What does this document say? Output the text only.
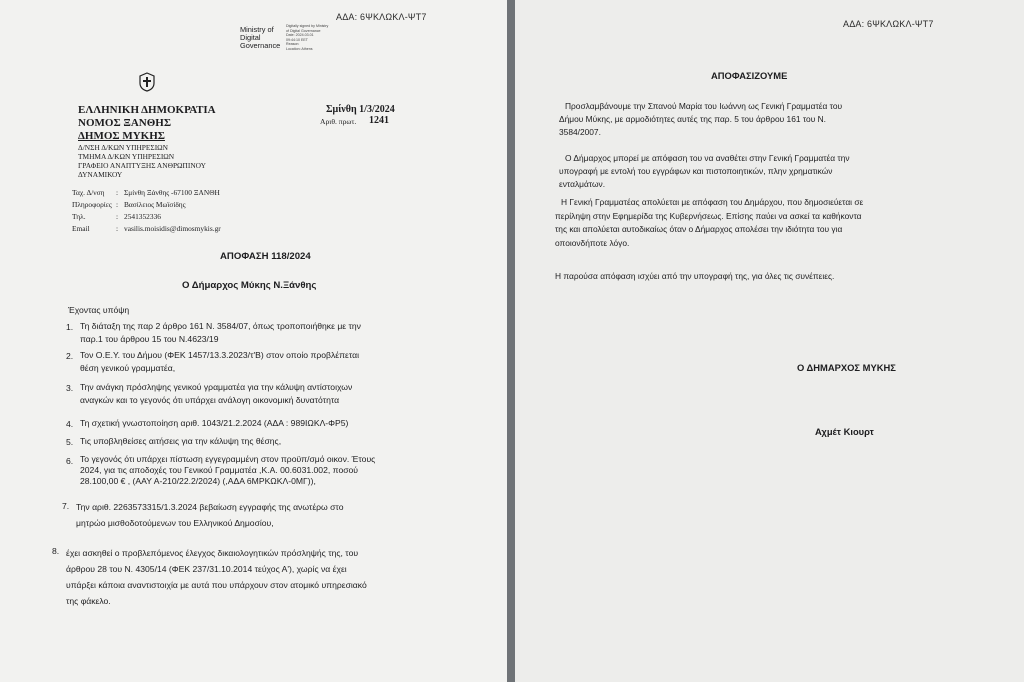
ΑΔΑ: 6ΨΚΛΩΚΛ-ΨΤ7
Ministry of
Digital
Governance
Digitally signed by Ministry
of Digital Governance
Date: 2024.03.01
09:44:10 EET
Reason:
Location: Athens
ΕΛΛΗΝΙΚΗ ΔΗΜΟΚΡΑΤΙΑ
ΝΟΜΟΣ ΞΑΝΘΗΣ
ΔΗΜΟΣ ΜΥΚΗΣ
Δ/ΝΣΗ Δ/ΚΩΝ ΥΠΗΡΕΣΙΩΝ
ΤΜΗΜΑ Δ/ΚΩΝ ΥΠΗΡΕΣΙΩΝ
ΓΡΑΦΕΙΟ ΑΝΑΠΤΥΞΗΣ ΑΝΘΡΩΠΙΝΟΥ
ΔΥΝΑΜΙΚΟΥ
Σμίνθη 1/3/2024
Αριθ. πρωτ. 1241
Ταχ. Δ/νση : Σμίνθη Ξάνθης -67100 ΞΑΝΘΗ
Πληροφορίες : Βασίλειος Μωϊσίδης
Τηλ.	: 2541352336
Email	: vasilis.moisidis@dimosmykis.gr
ΑΠΟΦΑΣΗ 118/2024
Ο Δήμαρχος Μύκης Ν.Ξάνθης
Έχοντας υπόψη
1. Τη διάταξη της παρ 2 άρθρο 161 Ν. 3584/07, όπως τροποποιήθηκε με την
παρ.1 του άρθρου 15 του Ν.4623/19
2. Τον Ο.Ε.Υ. του Δήμου (ΦΕΚ 1457/13.3.2023/τ'Β) στον οποίο προβλέπεται
θέση γενικού γραμματέα,
3. Την ανάγκη πρόσληψης γενικού γραμματέα για την κάλυψη αντίστοιχων
αναγκών και το γεγονός ότι υπάρχει ανάλογη οικονομική δυνατότητα
4. Τη σχετική γνωστοποίηση αριθ. 1043/21.2.2024 (ΑΔΑ : 989ΙΩΚΛ-ΦΡ5)
5. Τις υποβληθείσες αιτήσεις για την κάλυψη της θέσης,
6. Το γεγονός ότι υπάρχει πίστωση εγγεγραμμένη στον προϋπ/σμό οικον. Έτους
2024, για τις αποδοχές του Γενικού Γραμματέα ,Κ.Α. 00.6031.002, ποσού
28.100,00 € , (ΑΑΥ Α-210/22.2/2024) (,ΑΔΑ 6ΜΡΚΩΚΛ-0ΜΓ)),
7. Την αριθ. 2263573315/1.3.2024 βεβαίωση εγγραφής της ανωτέρω στο
μητρώο μισθοδοτούμενων του Ελληνικού Δημοσίου,
8. έχει ασκηθεί ο προβλεπόμενος έλεγχος δικαιολογητικών πρόσληψής της, του
άρθρου 28 του Ν. 4305/14 (ΦΕΚ 237/31.10.2014 τεύχος Α'), χωρίς να έχει
υπάρξει κάποια αναντιστοιχία με αυτά που υπάρχουν στον ατομικό υπηρεσιακό
της φάκελο.
ΑΔΑ: 6ΨΚΛΩΚΛ-ΨΤ7
ΑΠΟΦΑΣΙΖΟΥΜΕ
Προσλαμβάνουμε την Σπανού Μαρία του Ιωάννη ως Γενική Γραμματέα του
Δήμου Μύκης, με αρμοδιότητες αυτές της παρ. 5 του άρθρου 161 του Ν.
3584/2007.
Ο Δήμαρχος μπορεί με απόφαση του να αναθέτει στην Γενική Γραμματέα την
υπογραφή με εντολή του εγγράφων και πιστοποιητικών, πλην χρηματικών
ενταλμάτων.
Η Γενική Γραμματέας απολύεται με απόφαση του Δημάρχου, που δημοσιεύεται σε
περίληψη στην Εφημερίδα της Κυβερνήσεως. Επίσης παύει να ασκεί τα καθήκοντα
της και απολύεται αυτοδικαίως όταν ο Δήμαρχος απολέσει την ιδιότητα του για
οποιονδήποτε λόγο.
Η παρούσα απόφαση ισχύει από την υπογραφή της, για όλες τις συνέπειες.
Ο ΔΗΜΑΡΧΟΣ ΜΥΚΗΣ
Αχμέτ Κιουρτ
